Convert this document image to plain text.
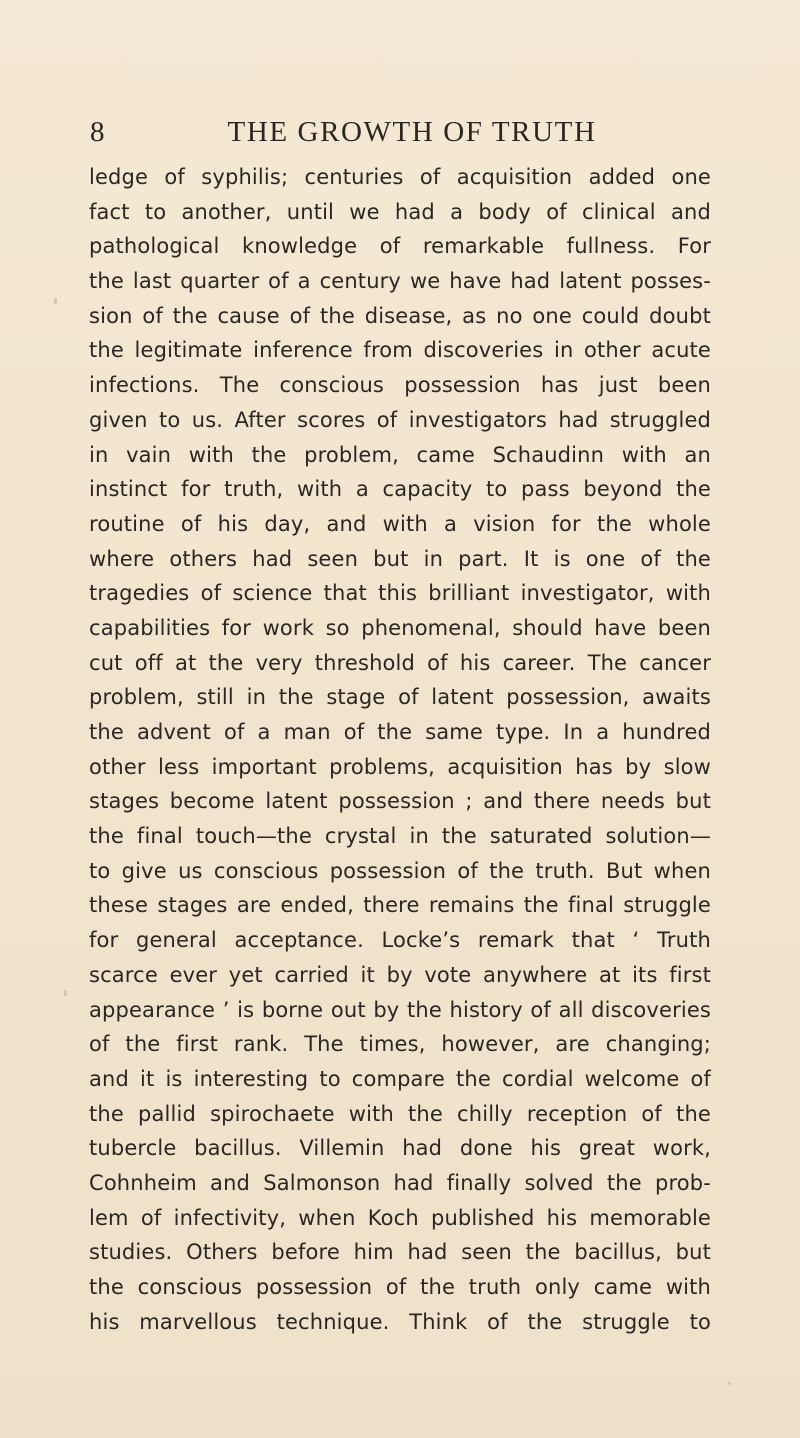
8	THE GROWTH OF TRUTH
ledge of syphilis; centuries of acquisition added one
fact to another, until we had a body of clinical and
pathological knowledge of remarkable fullness. For
the last quarter of a century we have had latent posses-
sion of the cause of the disease, as no one could doubt
the legitimate inference from discoveries in other acute
infections. The conscious possession has just been
given to us. After scores of investigators had struggled
in vain with the problem, came Schaudinn with an
instinct for truth, with a capacity to pass beyond the
routine of his day, and with a vision for the whole
where others had seen but in part. It is one of the
tragedies of science that this brilliant investigator, with
capabilities for work so phenomenal, should have been
cut off at the very threshold of his career. The cancer
problem, still in the stage of latent possession, awaits
the advent of a man of the same type. In a hundred
other less important problems, acquisition has by slow
stages become latent possession ; and there needs but
the final touch—the crystal in the saturated solution—
to give us conscious possession of the truth. But when
these stages are ended, there remains the final struggle
for general acceptance. Locke’s remark that ‘ Truth
scarce ever yet carried it by vote anywhere at its first
appearance ’ is borne out by the history of all discoveries
of the first rank. The times, however, are changing;
and it is interesting to compare the cordial welcome of
the pallid spirochaete with the chilly reception of the
tubercle bacillus. Villemin had done his great work,
Cohnheim and Salmonson had finally solved the prob-
lem of infectivity, when Koch published his memorable
studies. Others before him had seen the bacillus, but
the conscious possession of the truth only came with
his marvellous technique. Think of the struggle to
